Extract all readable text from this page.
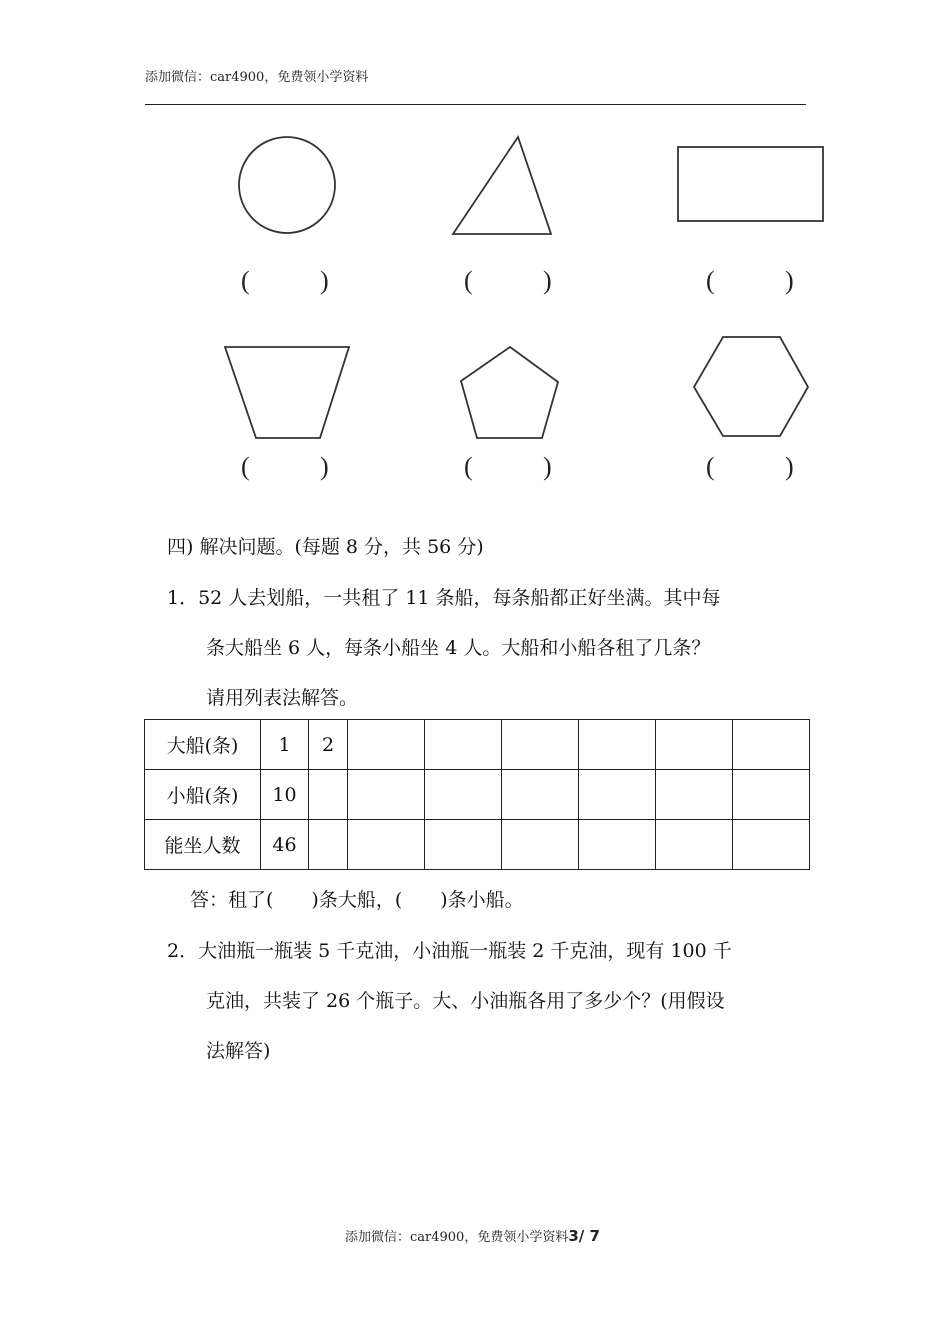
添加微信：car4900，免费领小学资料
(	)	(	)	(	)
(	)	(	)	(	)
四) 解决问题。(每题 8 分，共 56 分)
1．52 人去划船，一共租了 11 条船，每条船都正好坐满。其中每
条大船坐 6 人，每条小船坐 4 人。大船和小船各租了几条？
请用列表法解答。
大船(条)	1	2						
小船(条)	10							
能坐人数	46							
答：租了(　　)条大船，(　　)条小船。
2．大油瓶一瓶装 5 千克油，小油瓶一瓶装 2 千克油，现有 100 千
克油，共装了 26 个瓶子。大、小油瓶各用了多少个？(用假设
法解答)
添加微信：car4900，免费领小学资料3/ 7
